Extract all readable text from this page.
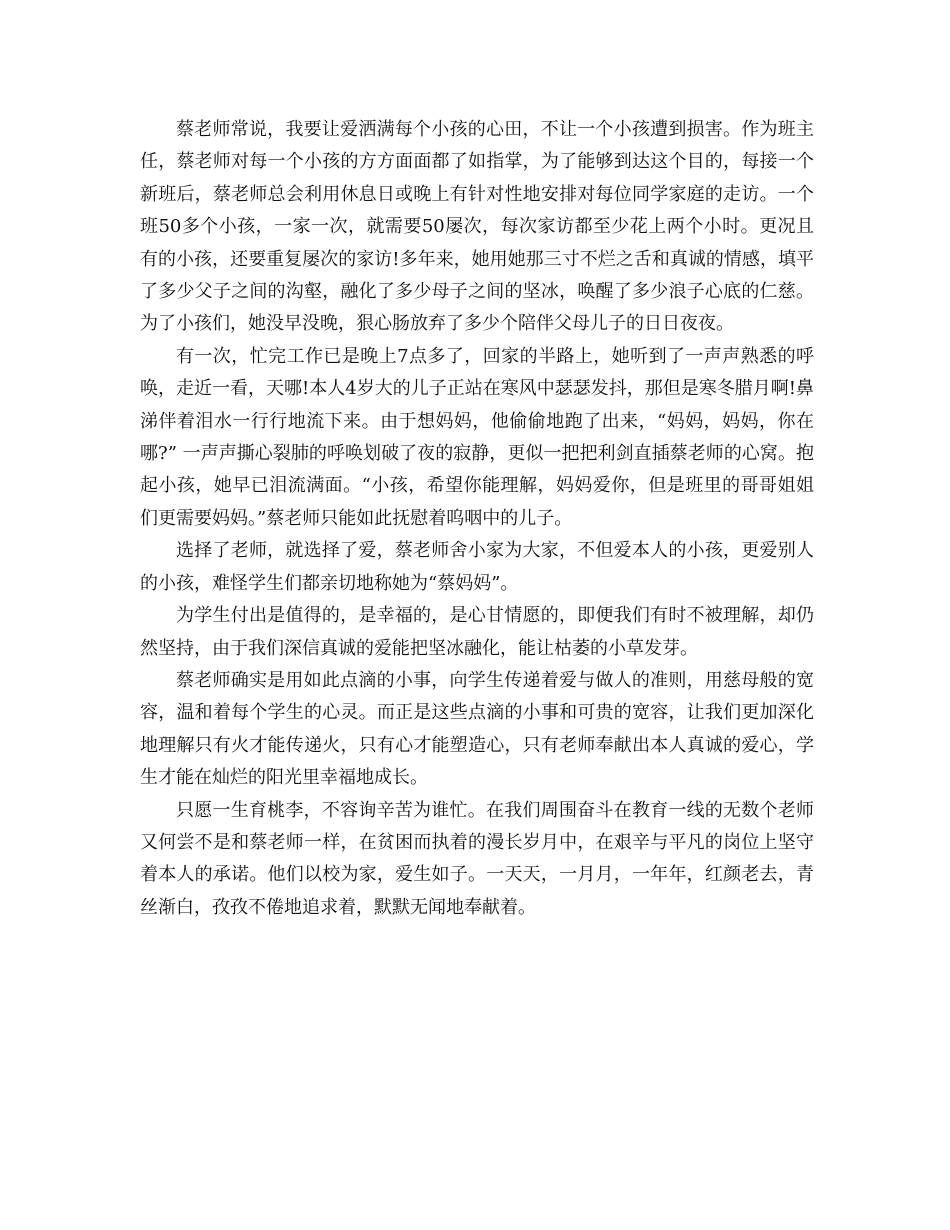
蔡老师常说，我要让爱洒满每个小孩的心田，不让一个小孩遭到损害。作为班主任，蔡老师对每一个小孩的方方面面都了如指掌，为了能够到达这个目的，每接一个新班后，蔡老师总会利用休息日或晚上有针对性地安排对每位同学家庭的走访。一个班50多个小孩，一家一次，就需要50屡次，每次家访都至少花上两个小时。更况且有的小孩，还要重复屡次的家访!多年来，她用她那三寸不烂之舌和真诚的情感，填平了多少父子之间的沟壑，融化了多少母子之间的坚冰，唤醒了多少浪子心底的仁慈。为了小孩们，她没早没晚，狠心肠放弃了多少个陪伴父母儿子的日日夜夜。

有一次，忙完工作已是晚上7点多了，回家的半路上，她听到了一声声熟悉的呼唤，走近一看，天哪!本人4岁大的儿子正站在寒风中瑟瑟发抖，那但是寒冬腊月啊!鼻涕伴着泪水一行行地流下来。由于想妈妈，他偷偷地跑了出来，“妈妈，妈妈，你在哪?” 一声声撕心裂肺的呼唤划破了夜的寂静，更似一把把利剑直插蔡老师的心窝。抱起小孩，她早已泪流满面。“小孩，希望你能理解，妈妈爱你，但是班里的哥哥姐姐们更需要妈妈。”蔡老师只能如此抚慰着呜咽中的儿子。

选择了老师，就选择了爱，蔡老师舍小家为大家，不但爱本人的小孩，更爱别人的小孩，难怪学生们都亲切地称她为“蔡妈妈”。

为学生付出是值得的，是幸福的，是心甘情愿的，即便我们有时不被理解，却仍然坚持，由于我们深信真诚的爱能把坚冰融化，能让枯萎的小草发芽。

蔡老师确实是用如此点滴的小事，向学生传递着爱与做人的准则，用慈母般的宽容，温和着每个学生的心灵。而正是这些点滴的小事和可贵的宽容，让我们更加深化地理解只有火才能传递火，只有心才能塑造心，只有老师奉献出本人真诚的爱心，学生才能在灿烂的阳光里幸福地成长。

只愿一生育桃李，不容询辛苦为谁忙。在我们周围奋斗在教育一线的无数个老师又何尝不是和蔡老师一样，在贫困而执着的漫长岁月中，在艰辛与平凡的岗位上坚守着本人的承诺。他们以校为家，爱生如子。一天天，一月月，一年年，红颜老去，青丝渐白，孜孜不倦地追求着，默默无闻地奉献着。
